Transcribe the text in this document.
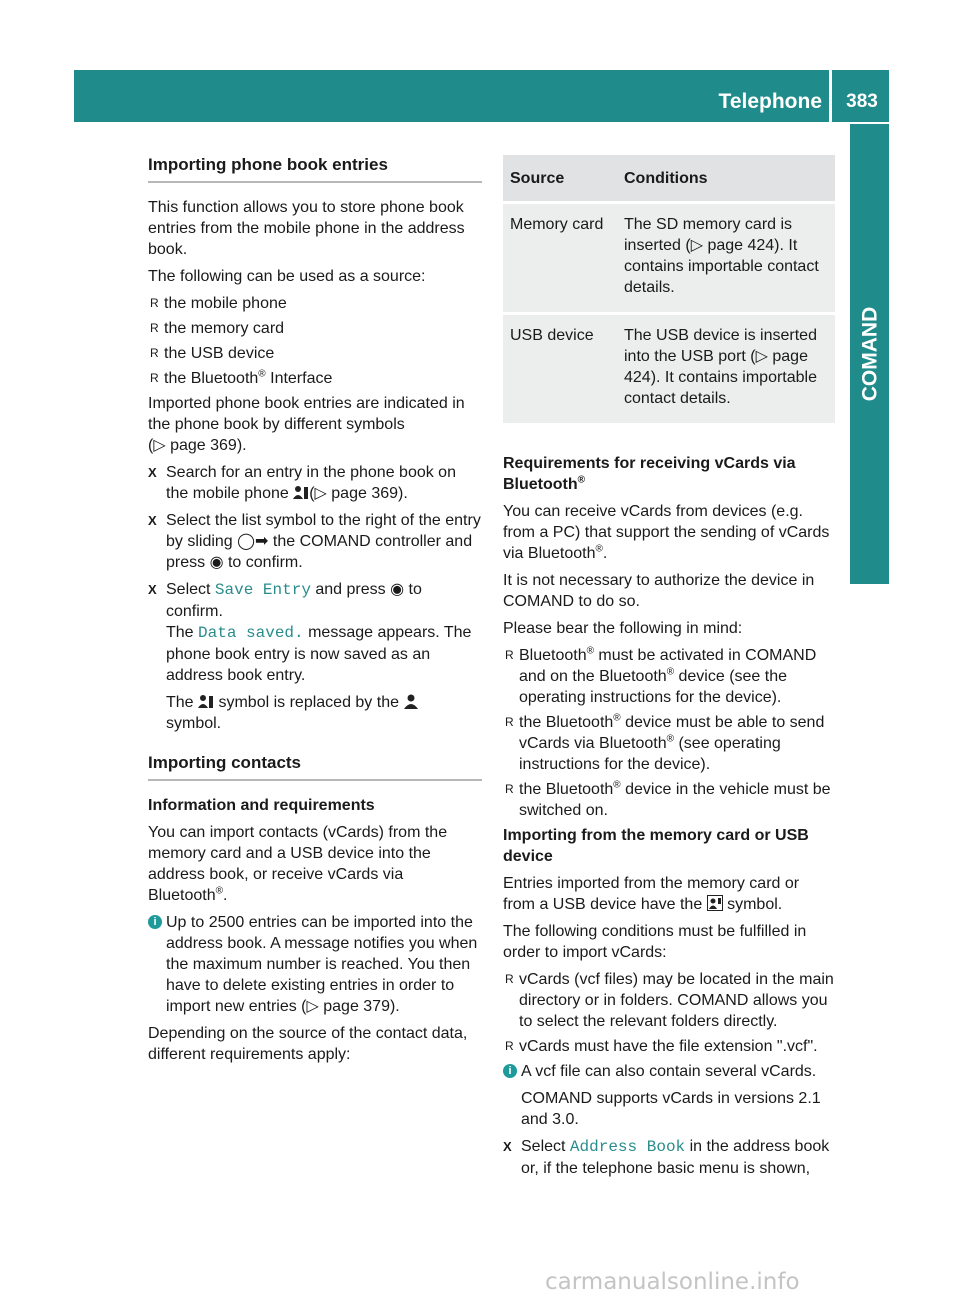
Telephone	383
COMAND
Importing phone book entries

This function allows you to store phone book entries from the mobile phone in the address book.

The following can be used as a source:

R the mobile phone
R the memory card
R the USB device
R the Bluetooth® Interface

Imported phone book entries are indicated in the phone book by different symbols
(▷ page 369).

X Search for an entry in the phone book on the mobile phone (▷ page 369).
X Select the list symbol to the right of the entry by sliding ◯➡ the COMAND controller and press ◉ to confirm.
X Select Save Entry and press ◉ to confirm.
The Data saved. message appears. The phone book entry is now saved as an address book entry.
The  symbol is replaced by the
symbol.
Importing contacts
Information and requirements

You can import contacts (vCards) from the memory card and a USB device into the address book, or receive vCards via Bluetooth®.

i Up to 2500 entries can be imported into the address book. A message notifies you when the maximum number is reached. You then have to delete existing entries in order to import new entries (▷ page 379).

Depending on the source of the contact data, different requirements apply:

Source	Conditions
Memory card	The SD memory card is inserted (▷ page 424). It contains importable contact details.
USB device	The USB device is inserted into the USB port (▷ page 424). It contains importable contact details.
Requirements for receiving vCards via Bluetooth®

You can receive vCards from devices (e.g. from a PC) that support the sending of vCards via Bluetooth®.

It is not necessary to authorize the device in COMAND to do so.

Please bear the following in mind:

R Bluetooth® must be activated in COMAND and on the Bluetooth® device (see the operating instructions for the device).
R the Bluetooth® device must be able to send vCards via Bluetooth® (see operating instructions for the device).
R the Bluetooth® device in the vehicle must be switched on.
Importing from the memory card or USB device

Entries imported from the memory card or from a USB device have the  symbol.

The following conditions must be fulfilled in order to import vCards:

R vCards (vcf files) may be located in the main directory or in folders. COMAND allows you to select the relevant folders directly.
R vCards must have the file extension ".vcf".
i A vcf file can also contain several vCards.
COMAND supports vCards in versions 2.1 and 3.0.
X Select Address Book in the address book or, if the telephone basic menu is shown,
carmanualsonline.info
